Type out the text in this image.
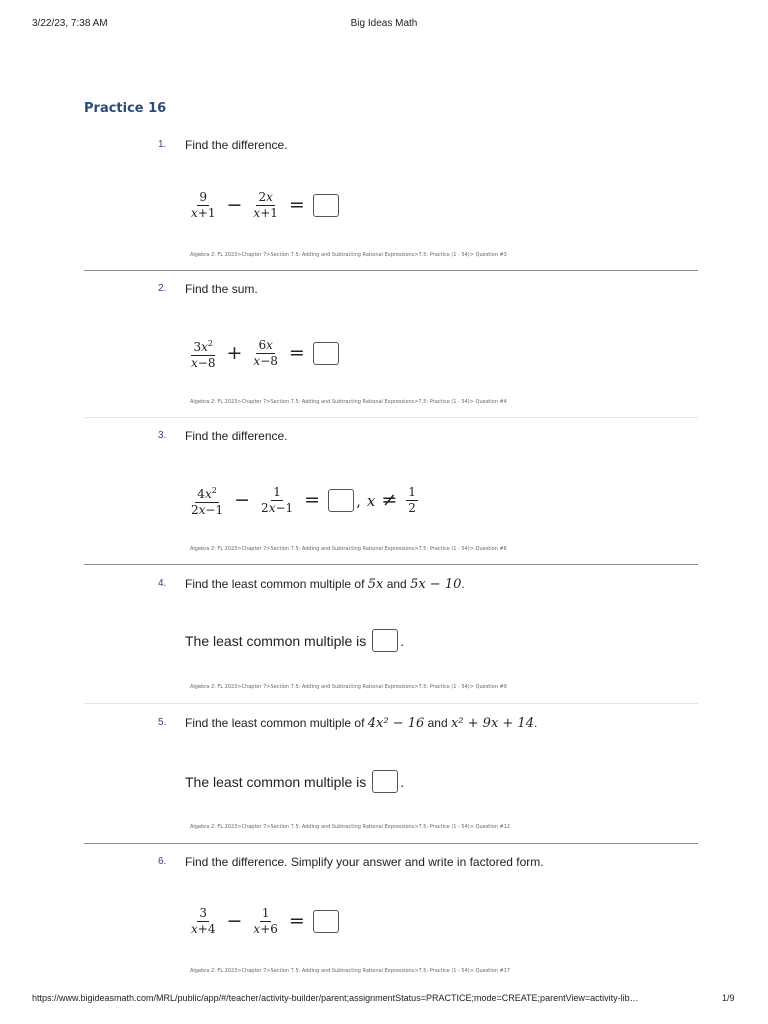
3/22/23, 7:38 AM	Big Ideas Math
Practice 16
1. Find the difference.
$\frac{9}{x+1} - \frac{2x}{x+1}$ =
Algebra 2: FL 2023>Chapter 7>Section 7.5: Adding and Subtracting Rational Expressions>7.5: Practice (1 - 54)> Question #3
2. Find the sum.
$\frac{3x^2}{x-8} + \frac{6x}{x-8}$ =
Algebra 2: FL 2023>Chapter 7>Section 7.5: Adding and Subtracting Rational Expressions>7.5: Practice (1 - 54)> Question #4
3. Find the difference.
$\frac{4x^2}{2x-1} - \frac{1}{2x-1}$ = , $x \ne \frac{1}{2}$
Algebra 2: FL 2023>Chapter 7>Section 7.5: Adding and Subtracting Rational Expressions>7.5: Practice (1 - 54)> Question #6
4. Find the least common multiple of 5x and 5x − 10.
The least common multiple is .
Algebra 2: FL 2023>Chapter 7>Section 7.5: Adding and Subtracting Rational Expressions>7.5: Practice (1 - 54)> Question #9
5. Find the least common multiple of 4x² − 16 and x² + 9x + 14.
The least common multiple is .
Algebra 2: FL 2023>Chapter 7>Section 7.5: Adding and Subtracting Rational Expressions>7.5: Practice (1 - 54)> Question #12
6. Find the difference. Simplify your answer and write in factored form.
$\frac{3}{x+4} - \frac{1}{x+6}$ =
Algebra 2: FL 2023>Chapter 7>Section 7.5: Adding and Subtracting Rational Expressions>7.5: Practice (1 - 54)> Question #17
https://www.bigideasmath.com/MRL/public/app/#/teacher/activity-builder/parent;assignmentStatus=PRACTICE;mode=CREATE;parentView=activity-lib…	1/9
